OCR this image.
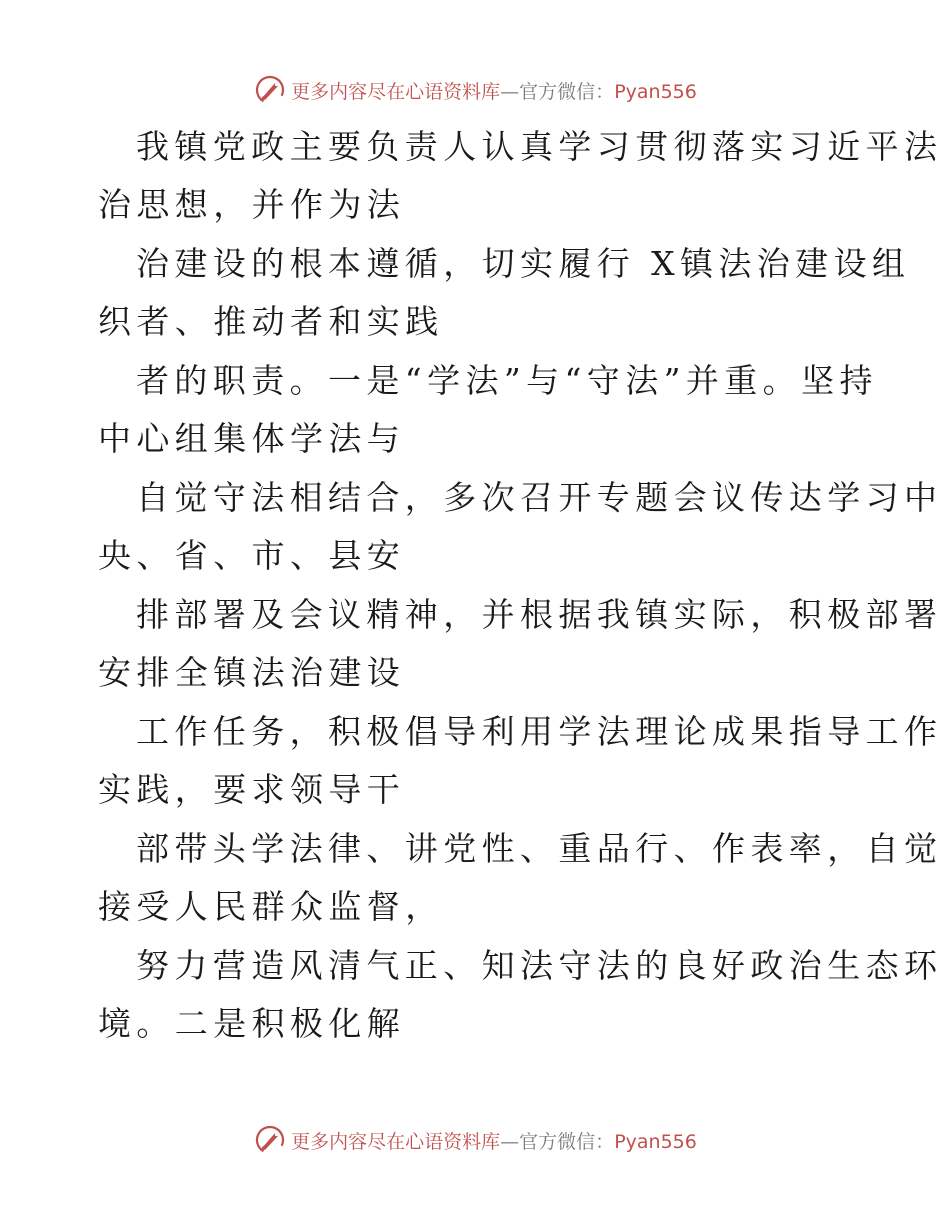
更多内容尽在心语资料库—官方微信：Pyan556
我镇党政主要负责人认真学习贯彻落实习近平法
治思想，并作为法
治建设的根本遵循，切实履行 X镇法治建设组
织者、推动者和实践
者的职责。一是“学法”与“守法”并重。坚持
中心组集体学法与
自觉守法相结合，多次召开专题会议传达学习中
央、省、市、县安
排部署及会议精神，并根据我镇实际，积极部署
安排全镇法治建设
工作任务，积极倡导利用学法理论成果指导工作
实践，要求领导干
部带头学法律、讲党性、重品行、作表率，自觉
接受人民群众监督，
努力营造风清气正、知法守法的良好政治生态环
境。二是积极化解
更多内容尽在心语资料库—官方微信：Pyan556
